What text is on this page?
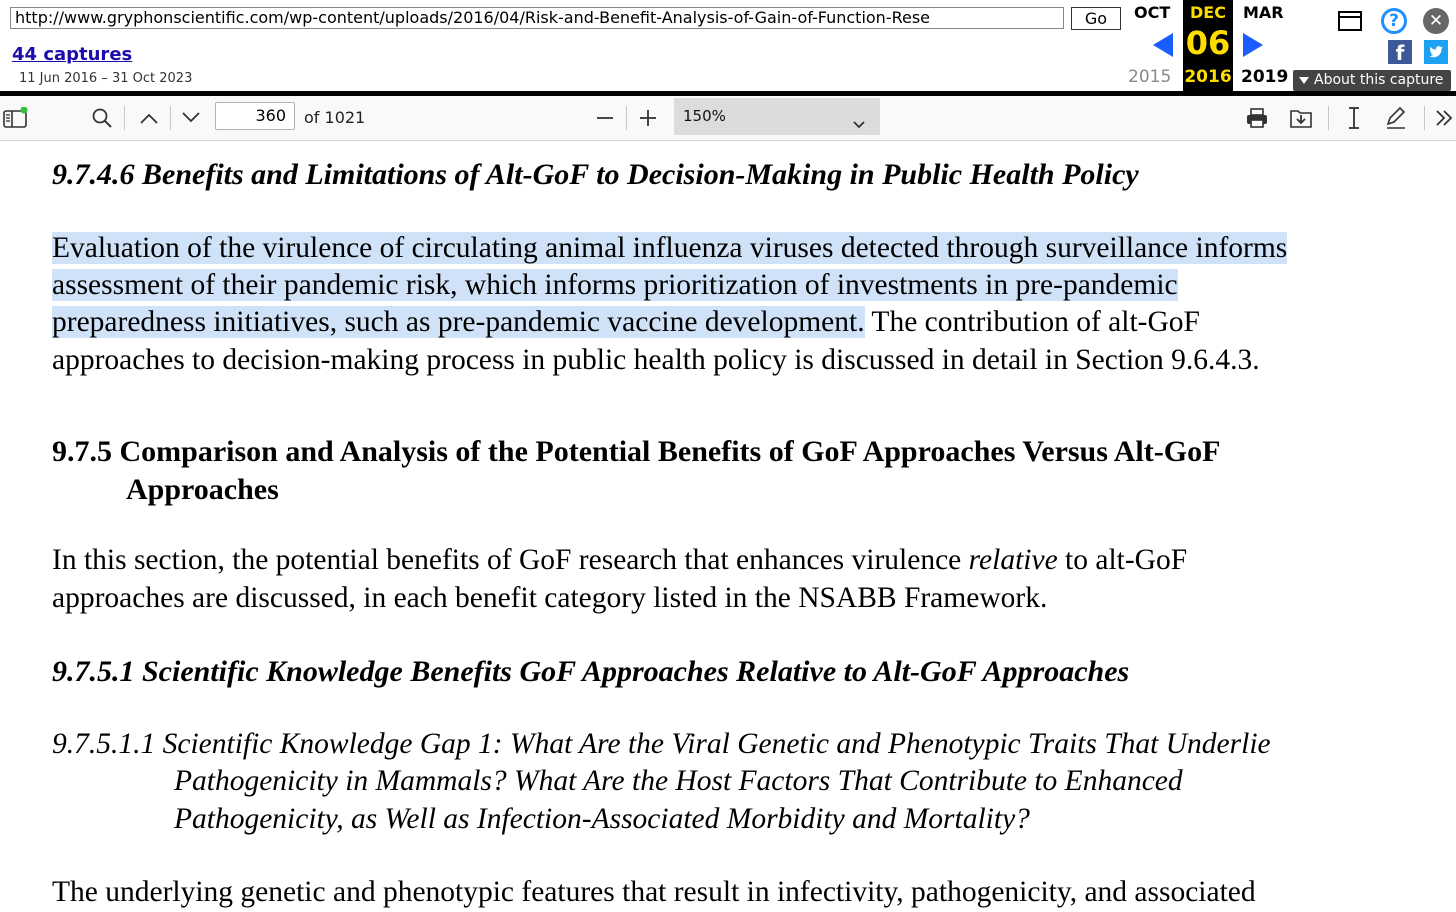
http://www.gryphonscientific.com/wp-content/uploads/2016/04/Risk-and-Benefit-Analysis-of-Gain-of-Function-Rese	Go
44 captures
11 Jun 2016 – 31 Oct 2023
OCT
2015
DEC
06
2016
MAR
2019
?	✕
f
About this capture
360	of 1021	150%
9.7.4.6 Benefits and Limitations of Alt-GoF to Decision-Making in Public Health Policy
Evaluation of the virulence of circulating animal influenza viruses detected through surveillance informs
assessment of their pandemic risk, which informs prioritization of investments in pre-pandemic
preparedness initiatives, such as pre-pandemic vaccine development. The contribution of alt-GoF
approaches to decision-making process in public health policy is discussed in detail in Section 9.6.4.3.
9.7.5 Comparison and Analysis of the Potential Benefits of GoF Approaches Versus Alt-GoF
Approaches
In this section, the potential benefits of GoF research that enhances virulence relative to alt-GoF
approaches are discussed, in each benefit category listed in the NSABB Framework.
9.7.5.1 Scientific Knowledge Benefits GoF Approaches Relative to Alt-GoF Approaches
9.7.5.1.1 Scientific Knowledge Gap 1: What Are the Viral Genetic and Phenotypic Traits That Underlie
Pathogenicity in Mammals? What Are the Host Factors That Contribute to Enhanced
Pathogenicity, as Well as Infection-Associated Morbidity and Mortality?
The underlying genetic and phenotypic features that result in infectivity, pathogenicity, and associated
